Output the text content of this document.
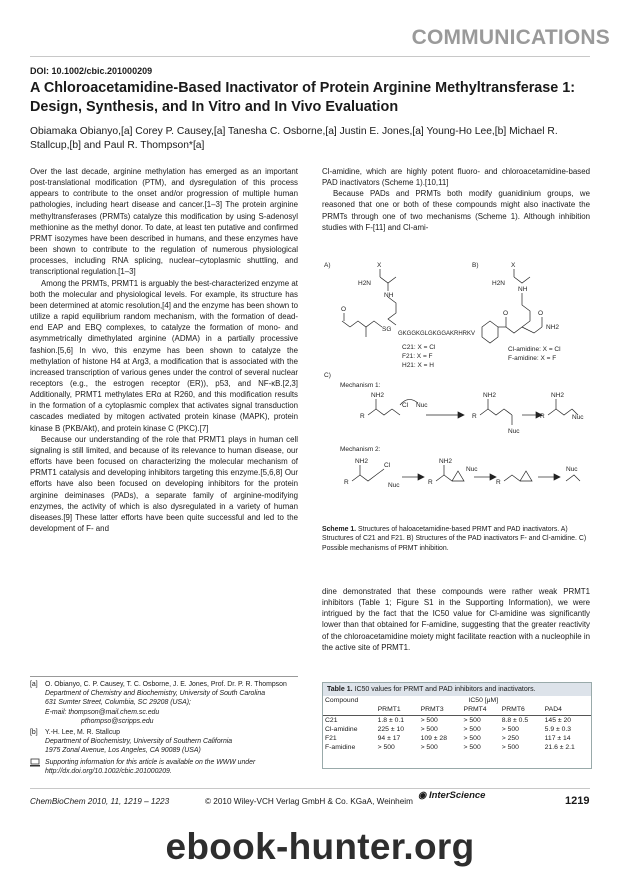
COMMUNICATIONS
DOI: 10.1002/cbic.201000209
A Chloroacetamidine-Based Inactivator of Protein Arginine Methyltransferase 1: Design, Synthesis, and In Vitro and In Vivo Evaluation
Obiamaka Obianyo,[a] Corey P. Causey,[a] Tanesha C. Osborne,[a] Justin E. Jones,[a] Young-Ho Lee,[b] Michael R. Stallcup,[b] and Paul R. Thompson*[a]

Over the last decade, arginine methylation has emerged as an important post-translational modification (PTM), and dysregulation of this process appears to contribute to the onset and/or progression of multiple human pathologies, including heart disease and cancer.[1–3] The protein arginine methyltransferases (PRMTs) catalyze this modification by using S-adenosyl methionine as the methyl donor. To date, at least ten putative and confirmed PRMT isozymes have been described in humans, and these enzymes have been shown to contribute to the regulation of numerous physiological processes, including RNA splicing, nuclear–cytoplasmic shuttling, and transcriptional regulation.[1–3]

Among the PRMTs, PRMT1 is arguably the best-characterized enzyme at both the molecular and physiological levels. For example, its structure has been determined at atomic resolution,[4] and the enzyme has been shown to utilize a rapid equilibrium random mechanism, with the formation of dead-end EAP and EBQ complexes, to catalyze the formation of mono- and asymmetrically dimethylated arginine (ADMA) in a partially processive fashion.[5,6] In vivo, this enzyme has been shown to catalyze the methylation of histone H4 at Arg3, a modification that is associated with the increased transcription of various genes under the control of several nuclear receptors (e.g., the estrogen receptor (ER)), p53, and NF-κB.[2,3] Additionally, PRMT1 methylates ERα at R260, and this modification results in the formation of a cytoplasmic complex that activates signal transduction cascades mediated by mitogen activated protein kinase (MAPK), protein kinase B (PKB/Akt), and protein kinase C (PKC).[7]

Because our understanding of the role that PRMT1 plays in human cell signaling is still limited, and because of its relevance to human disease, our efforts have been focused on characterizing the molecular mechanism of PRMT1 catalysis and developing inhibitors targeting this enzyme.[5,6,8] Our efforts have also been focused on developing inhibitors for the protein arginine deiminases (PADs), a separate family of arginine-modifying enzymes, the activity of which is also dysregulated in a variety of human diseases.[9] These latter efforts have been quite successful and led to the development of F- and

Cl-amidine, which are highly potent fluoro- and chloroacetamidine-based PAD inactivators (Scheme 1).[10,11]

Because PADs and PRMTs both modify guanidinium groups, we reasoned that one or both of these compounds might also inactivate the PRMTs through one of two mechanisms (Scheme 1). Although inhibition studies with F-[11] and Cl-ami-

A)	B)
C)
X	X
H2N	H2N
NH
NH
SG
O
O	O
NH2
GKGGKGLGKGGAKRHRKV
C21: X = Cl
F21: X = F
H21: X = H
Cl-amidine: X = Cl
F-amidine: X = F
Mechanism 1:
Mechanism 2:
NH2	NH2	NH2
NH2	NH2
R	R	R
R	R	R
Cl
Cl
Nuc
Nuc
Nuc
Nuc
Nuc	Nuc
Scheme 1. Structures of haloacetamidine-based PRMT and PAD inactivators. A) Structures of C21 and F21. B) Structures of the PAD inactivators F- and Cl-amidine. C) Possible mechanisms of PRMT inhibition.

dine demonstrated that these compounds were rather weak PRMT1 inhibitors (Table 1; Figure S1 in the Supporting Information), we were intrigued by the fact that the IC50 value for Cl-amidine was significantly lower than that obtained for F-amidine, suggesting that the greater reactivity of the chloroacetamidine moiety might facilitate reaction with a nucleophile in the active site of PRMT1.

[a]	O. Obianyo, C. P. Causey, T. C. Osborne, J. E. Jones, Prof. Dr. P. R. Thompson
Department of Chemistry and Biochemistry, University of South Carolina
631 Sumter Street, Columbia, SC 29208 (USA);
E-mail: thompson@mail.chem.sc.edu
pthompso@scripps.edu
[b]	Y.-H. Lee, M. R. Stallcup
Department of Biochemistry, University of Southern California
1975 Zonal Avenue, Los Angeles, CA 90089 (USA)
Supporting information for this article is available on the WWW under
http://dx.doi.org/10.1002/cbic.201000209.
Table 1. IC50 values for PRMT and PAD inhibitors and inactivators.
Compound	IC50 [μM]				
	PRMT1	PRMT3	PRMT4	PRMT6	PAD4
C21	1.8 ± 0.1	> 500	> 500	8.8 ± 0.5	145 ± 20
Cl-amidine	225 ± 10	> 500	> 500	> 500	5.9 ± 0.3
F21	94 ± 17	109 ± 28	> 500	> 250	117 ± 14
F-amidine	> 500	> 500	> 500	> 500	21.6 ± 2.1
ChemBioChem 2010, 11, 1219 – 1223	© 2010 Wiley-VCH Verlag GmbH & Co. KGaA, Weinheim
◉ InterScience	1219
ebook-hunter.org
